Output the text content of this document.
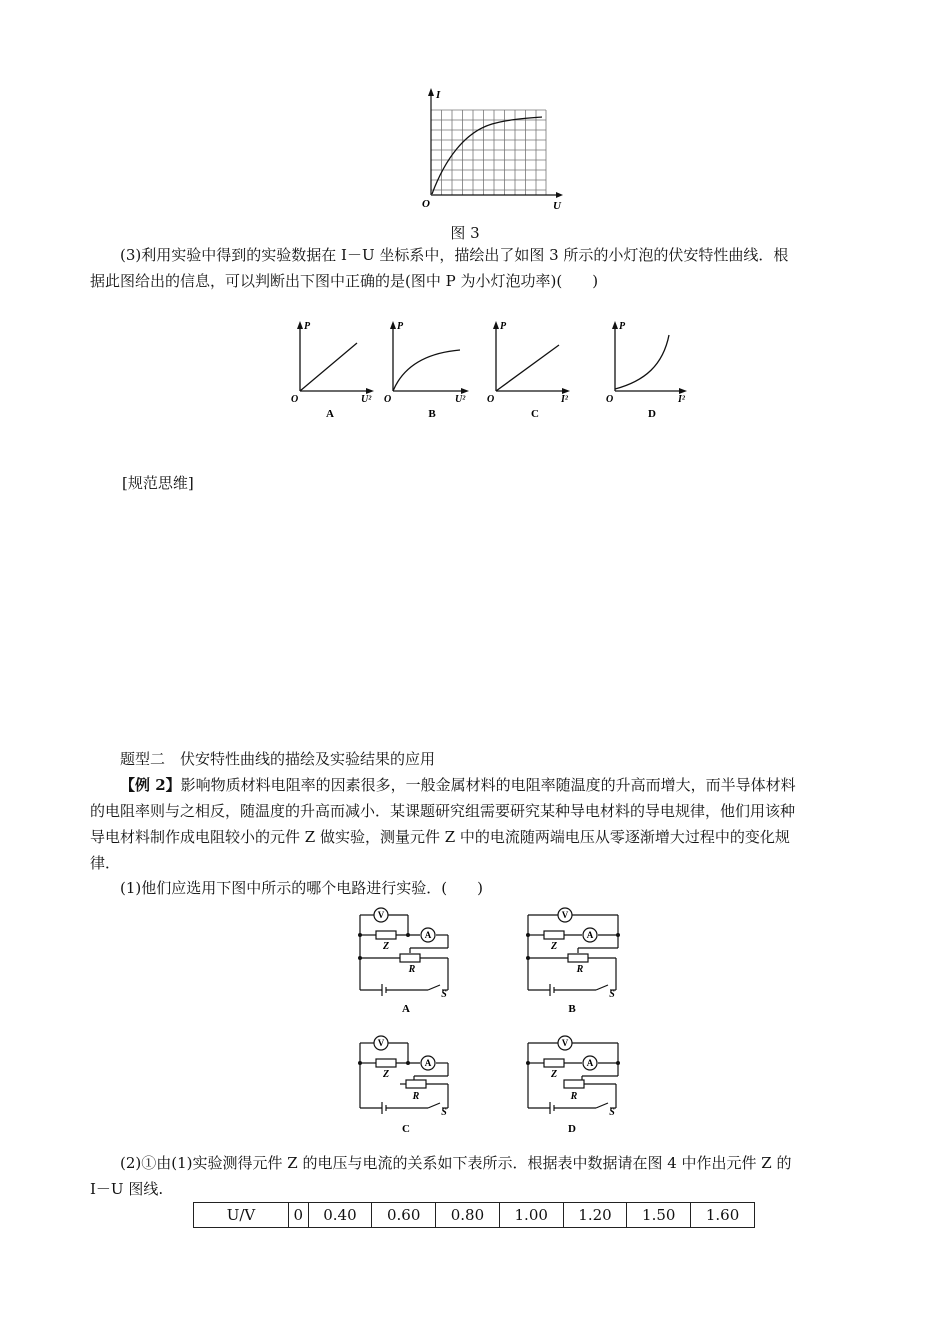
I
O	U
图 3
(3)利用实验中得到的实验数据在 I－U 坐标系中，描绘出了如图 3 所示的小灯泡的伏安特性曲线．根
据此图给出的信息，可以判断出下图中正确的是(图中 P 为小灯泡功率)(　　)
P
O	U²
P
O	U²
P
O	I²
P
O	I²
A	B	C	D
[规范思维]
题型二　伏安特性曲线的描绘及实验结果的应用
【例 2】影响物质材料电阻率的因素很多，一般金属材料的电阻率随温度的升高而增大，而半导体材料
的电阻率则与之相反，随温度的升高而减小．某课题研究组需要研究某种导电材料的导电规律，他们用该种
导电材料制作成电阻较小的元件 Z 做实验，测量元件 Z 中的电流随两端电压从零逐渐增大过程中的变化规
律．
(1)他们应选用下图中所示的哪个电路进行实验．(　　)
V
A
V
A
V
A
V
A
Z
R
S
Z
R
S
Z
R
S
Z
R
S
A	B
C	D
(2)①由(1)实验测得元件 Z 的电压与电流的关系如下表所示．根据表中数据请在图 4 中作出元件 Z 的
I－U 图线.
U/V	0	0.40	0.60	0.80	1.00	1.20	1.50	1.60
